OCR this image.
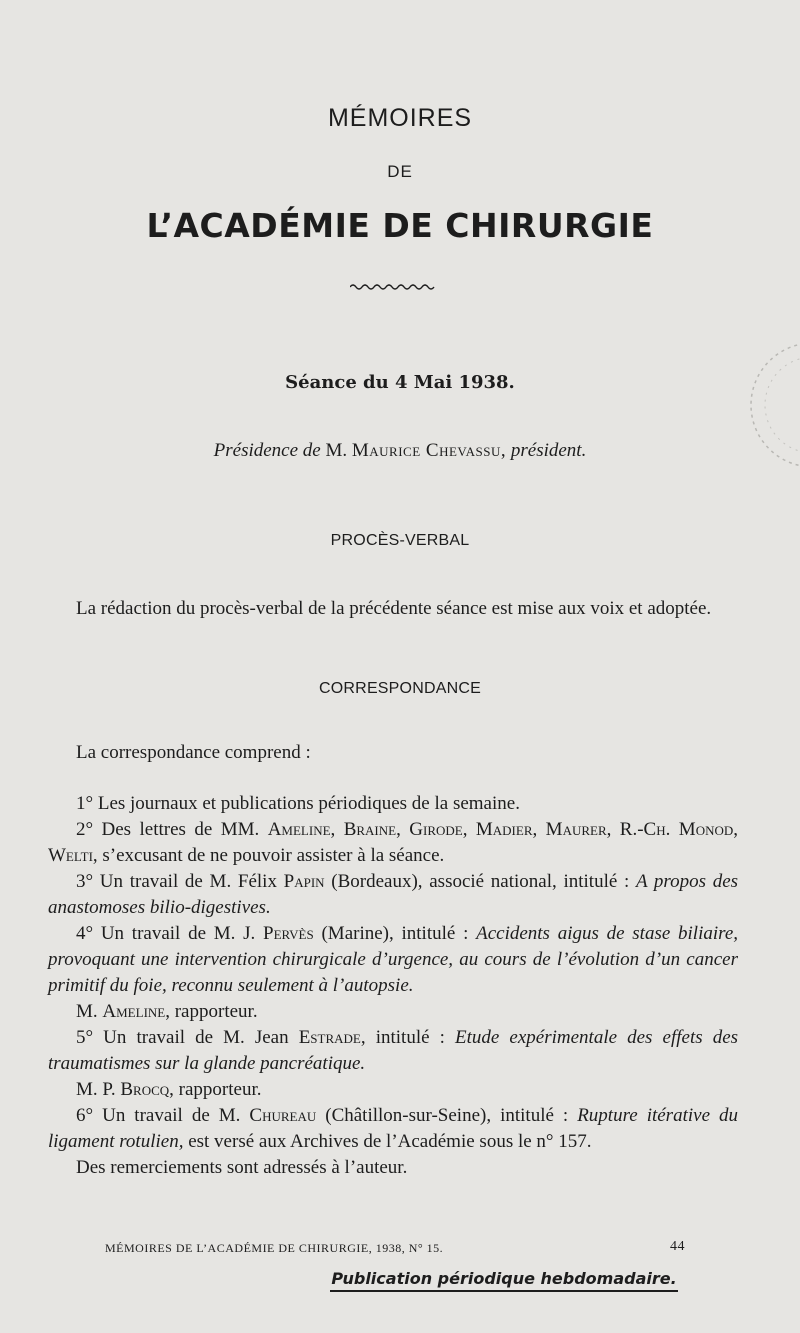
MÉMOIRES
DE
L’ACADÉMIE DE CHIRURGIE
Séance du 4 Mai 1938.
Présidence de M. Maurice Chevassu, président.
PROCÈS-VERBAL

La rédaction du procès-verbal de la précédente séance est mise aux voix et adoptée.

CORRESPONDANCE

La correspondance comprend :

1° Les journaux et publications périodiques de la semaine.

2° Des lettres de MM. Ameline, Braine, Girode, Madier, Maurer, R.-Ch. Monod, Welti, s’excusant de ne pouvoir assister à la séance.

3° Un travail de M. Félix Papin (Bordeaux), associé national, intitulé : A propos des anastomoses bilio-digestives.

4° Un travail de M. J. Pervès (Marine), intitulé : Accidents aigus de stase biliaire, provoquant une intervention chirurgicale d’urgence, au cours de l’évolution d’un cancer primitif du foie, reconnu seulement à l’autopsie.

M. Ameline, rapporteur.

5° Un travail de M. Jean Estrade, intitulé : Etude expérimentale des effets des traumatismes sur la glande pancréatique.

M. P. Brocq, rapporteur.

6° Un travail de M. Chureau (Châtillon-sur-Seine), intitulé : Rupture itérative du ligament rotulien, est versé aux Archives de l’Académie sous le n° 157.

Des remerciements sont adressés à l’auteur.

MÉMOIRES DE L’ACADÉMIE DE CHIRURGIE, 1938, N° 15.	44
Publication périodique hebdomadaire.
